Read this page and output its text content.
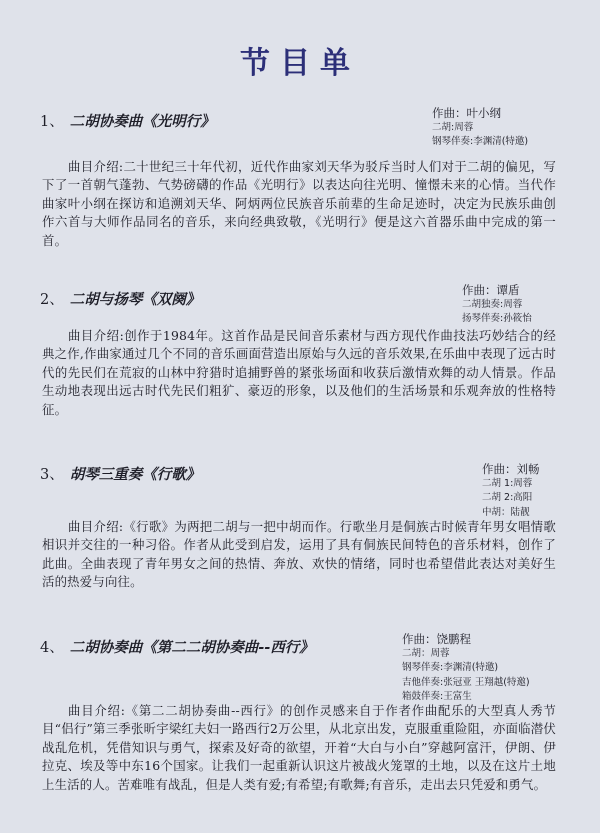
节目单
1、 二胡协奏曲《光明行》	作曲：叶小纲
二胡:周蓉
钢琴伴奏:李渊清(特邀)
曲目介绍:二十世纪三十年代初，近代作曲家刘天华为驳斥当时人们对于二胡的偏见，写下了一首朝气蓬勃、气势磅礴的作品《光明行》以表达向往光明、憧憬未来的心情。当代作曲家叶小纲在探访和追溯刘天华、阿炳两位民族音乐前辈的生命足迹时，决定为民族乐曲创作六首与大师作品同名的音乐，来向经典致敬，《光明行》便是这六首器乐曲中完成的第一首。
2、 二胡与扬琴《双阕》
作曲：谭盾
二胡独奏:周蓉
扬琴伴奏:孙筱怡
曲目介绍:创作于1984年。这首作品是民间音乐素材与西方现代作曲技法巧妙结合的经典之作,作曲家通过几个不同的音乐画面营造出原始与久远的音乐效果,在乐曲中表现了远古时代的先民们在荒寂的山林中狩猎时追捕野兽的紧张场面和收获后激情欢舞的动人情景。作品生动地表现出远古时代先民们粗犷、豪迈的形象，以及他们的生活场景和乐观奔放的性格特征。
3、 胡琴三重奏《行歌》	作曲：刘畅
二胡 1:周蓉
二胡 2:高阳
中胡：陆靓
曲目介绍:《行歌》为两把二胡与一把中胡而作。行歌坐月是侗族古时候青年男女唱情歌相识并交往的一种习俗。作者从此受到启发，运用了具有侗族民间特色的音乐材料，创作了此曲。全曲表现了青年男女之间的热情、奔放、欢快的情绪，同时也希望借此表达对美好生活的热爱与向往。
4、 二胡协奏曲《第二二胡协奏曲--西行》	作曲：饶鹏程
二胡：周蓉
钢琴伴奏:李渊清(特邀)
吉他伴奏:张冠亚 王翔越(特邀)
箱鼓伴奏:王富生
曲目介绍:《第二二胡协奏曲--西行》的创作灵感来自于作者作曲配乐的大型真人秀节目“侣行”第三季张昕宇梁红夫妇一路西行2万公里，从北京出发，克服重重险阻，亦面临潜伏战乱危机，凭借知识与勇气，探索及好奇的欲望，开着“大白与小白”穿越阿富汗，伊朗、伊拉克、埃及等中东16个国家。让我们一起重新认识这片被战火笼罩的土地，以及在这片土地上生活的人。苦难唯有战乱，但是人类有爱;有希望;有歌舞;有音乐，走出去只凭爱和勇气。
